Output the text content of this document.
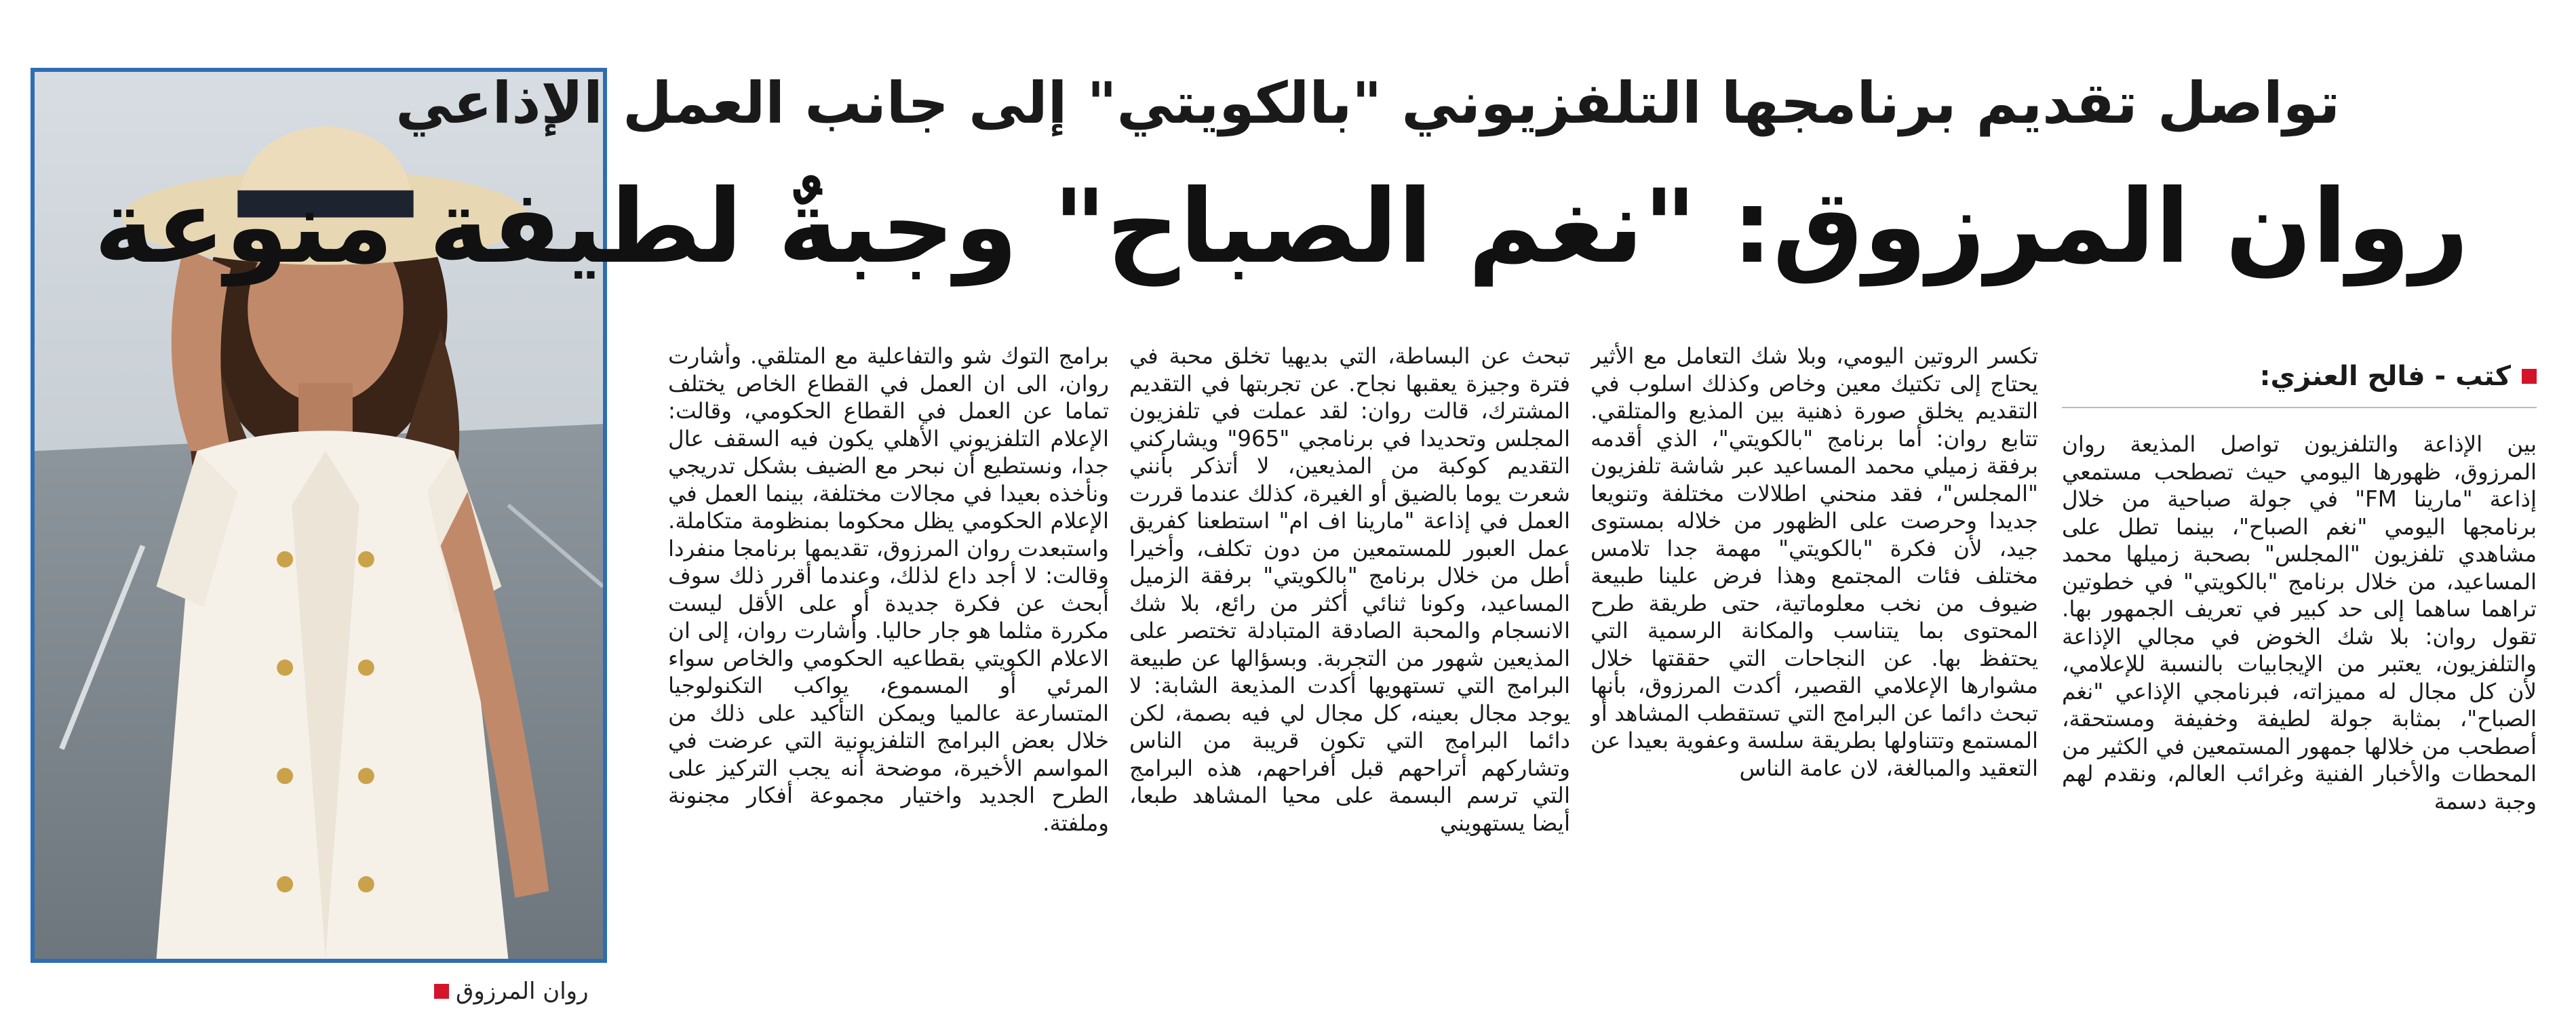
روان المرزوق
تواصل تقديم برنامجها التلفزيوني "بالكويتي" إلى جانب العمل الإذاعي
روان المرزوق: "نغم الصباح" وجبةٌ لطيفة منوعة
كتب - فالح العنزي:

بين الإذاعة والتلفزيون تواصل المذيعة روان المرزوق، ظهورها اليومي حيث تصطحب مستمعي إذاعة "مارينا FM" في جولة صباحية من خلال برنامجها اليومي "نغم الصباح"، بينما تطل على مشاهدي تلفزيون "المجلس" بصحبة زميلها محمد المساعيد، من خلال برنامج "بالكويتي" في خطوتين تراهما ساهما إلى حد كبير في تعريف الجمهور بها. تقول روان: بلا شك الخوض في مجالي الإذاعة والتلفزيون، يعتبر من الإيجابيات بالنسبة للإعلامي، لأن كل مجال له مميزاته، فبرنامجي الإذاعي "نغم الصباح"، بمثابة جولة لطيفة وخفيفة ومستحقة، أصطحب من خلالها جمهور المستمعين في الكثير من المحطات والأخبار الفنية وغرائب العالم، ونقدم لهم وجبة دسمة

تكسر الروتين اليومي، وبلا شك التعامل مع الأثير يحتاج إلى تكتيك معين وخاص وكذلك اسلوب في التقديم يخلق صورة ذهنية بين المذيع والمتلقي. تتابع روان: أما برنامج "بالكويتي"، الذي أقدمه برفقة زميلي محمد المساعيد عبر شاشة تلفزيون "المجلس"، فقد منحني اطلالات مختلفة وتنويعا جديدا وحرصت على الظهور من خلاله بمستوى جيد، لأن فكرة "بالكويتي" مهمة جدا تلامس مختلف فئات المجتمع وهذا فرض علينا طبيعة ضيوف من نخب معلوماتية، حتى طريقة طرح المحتوى بما يتناسب والمكانة الرسمية التي يحتفظ بها. عن النجاحات التي حققتها خلال مشوارها الإعلامي القصير، أكدت المرزوق، بأنها تبحث دائما عن البرامج التي تستقطب المشاهد أو المستمع وتتناولها بطريقة سلسة وعفوية بعيدا عن التعقيد والمبالغة، لان عامة الناس

تبحث عن البساطة، التي بديهيا تخلق محبة في فترة وجيزة يعقبها نجاح. عن تجربتها في التقديم المشترك، قالت روان: لقد عملت في تلفزيون المجلس وتحديدا في برنامجي "965" ويشاركني التقديم كوكبة من المذيعين، لا أتذكر بأنني شعرت يوما بالضيق أو الغيرة، كذلك عندما قررت العمل في إذاعة "مارينا اف ام" استطعنا كفريق عمل العبور للمستمعين من دون تكلف، وأخيرا أطل من خلال برنامج "بالكويتي" برفقة الزميل المساعيد، وكونا ثنائي أكثر من رائع، بلا شك الانسجام والمحبة الصادقة المتبادلة تختصر على المذيعين شهور من التجربة. وبسؤالها عن طبيعة البرامج التي تستهويها أكدت المذيعة الشابة: لا يوجد مجال بعينه، كل مجال لي فيه بصمة، لكن دائما البرامج التي تكون قريبة من الناس وتشاركهم أتراحهم قبل أفراحهم، هذه البرامج التي ترسم البسمة على محيا المشاهد طبعا، أيضا يستهويني

برامج التوك شو والتفاعلية مع المتلقي. وأشارت روان، الى ان العمل في القطاع الخاص يختلف تماما عن العمل في القطاع الحكومي، وقالت: الإعلام التلفزيوني الأهلي يكون فيه السقف عال جدا، ونستطيع أن نبحر مع الضيف بشكل تدريجي ونأخذه بعيدا في مجالات مختلفة، بينما العمل في الإعلام الحكومي يظل محكوما بمنظومة متكاملة. واستبعدت روان المرزوق، تقديمها برنامجا منفردا وقالت: لا أجد داع لذلك، وعندما أقرر ذلك سوف أبحث عن فكرة جديدة أو على الأقل ليست مكررة مثلما هو جار حاليا. وأشارت روان، إلى ان الاعلام الكويتي بقطاعيه الحكومي والخاص سواء المرئي أو المسموع، يواكب التكنولوجيا المتسارعة عالميا ويمكن التأكيد على ذلك من خلال بعض البرامج التلفزيونية التي عرضت في المواسم الأخيرة، موضحة أنه يجب التركيز على الطرح الجديد واختيار مجموعة أفكار مجنونة وملفتة.
